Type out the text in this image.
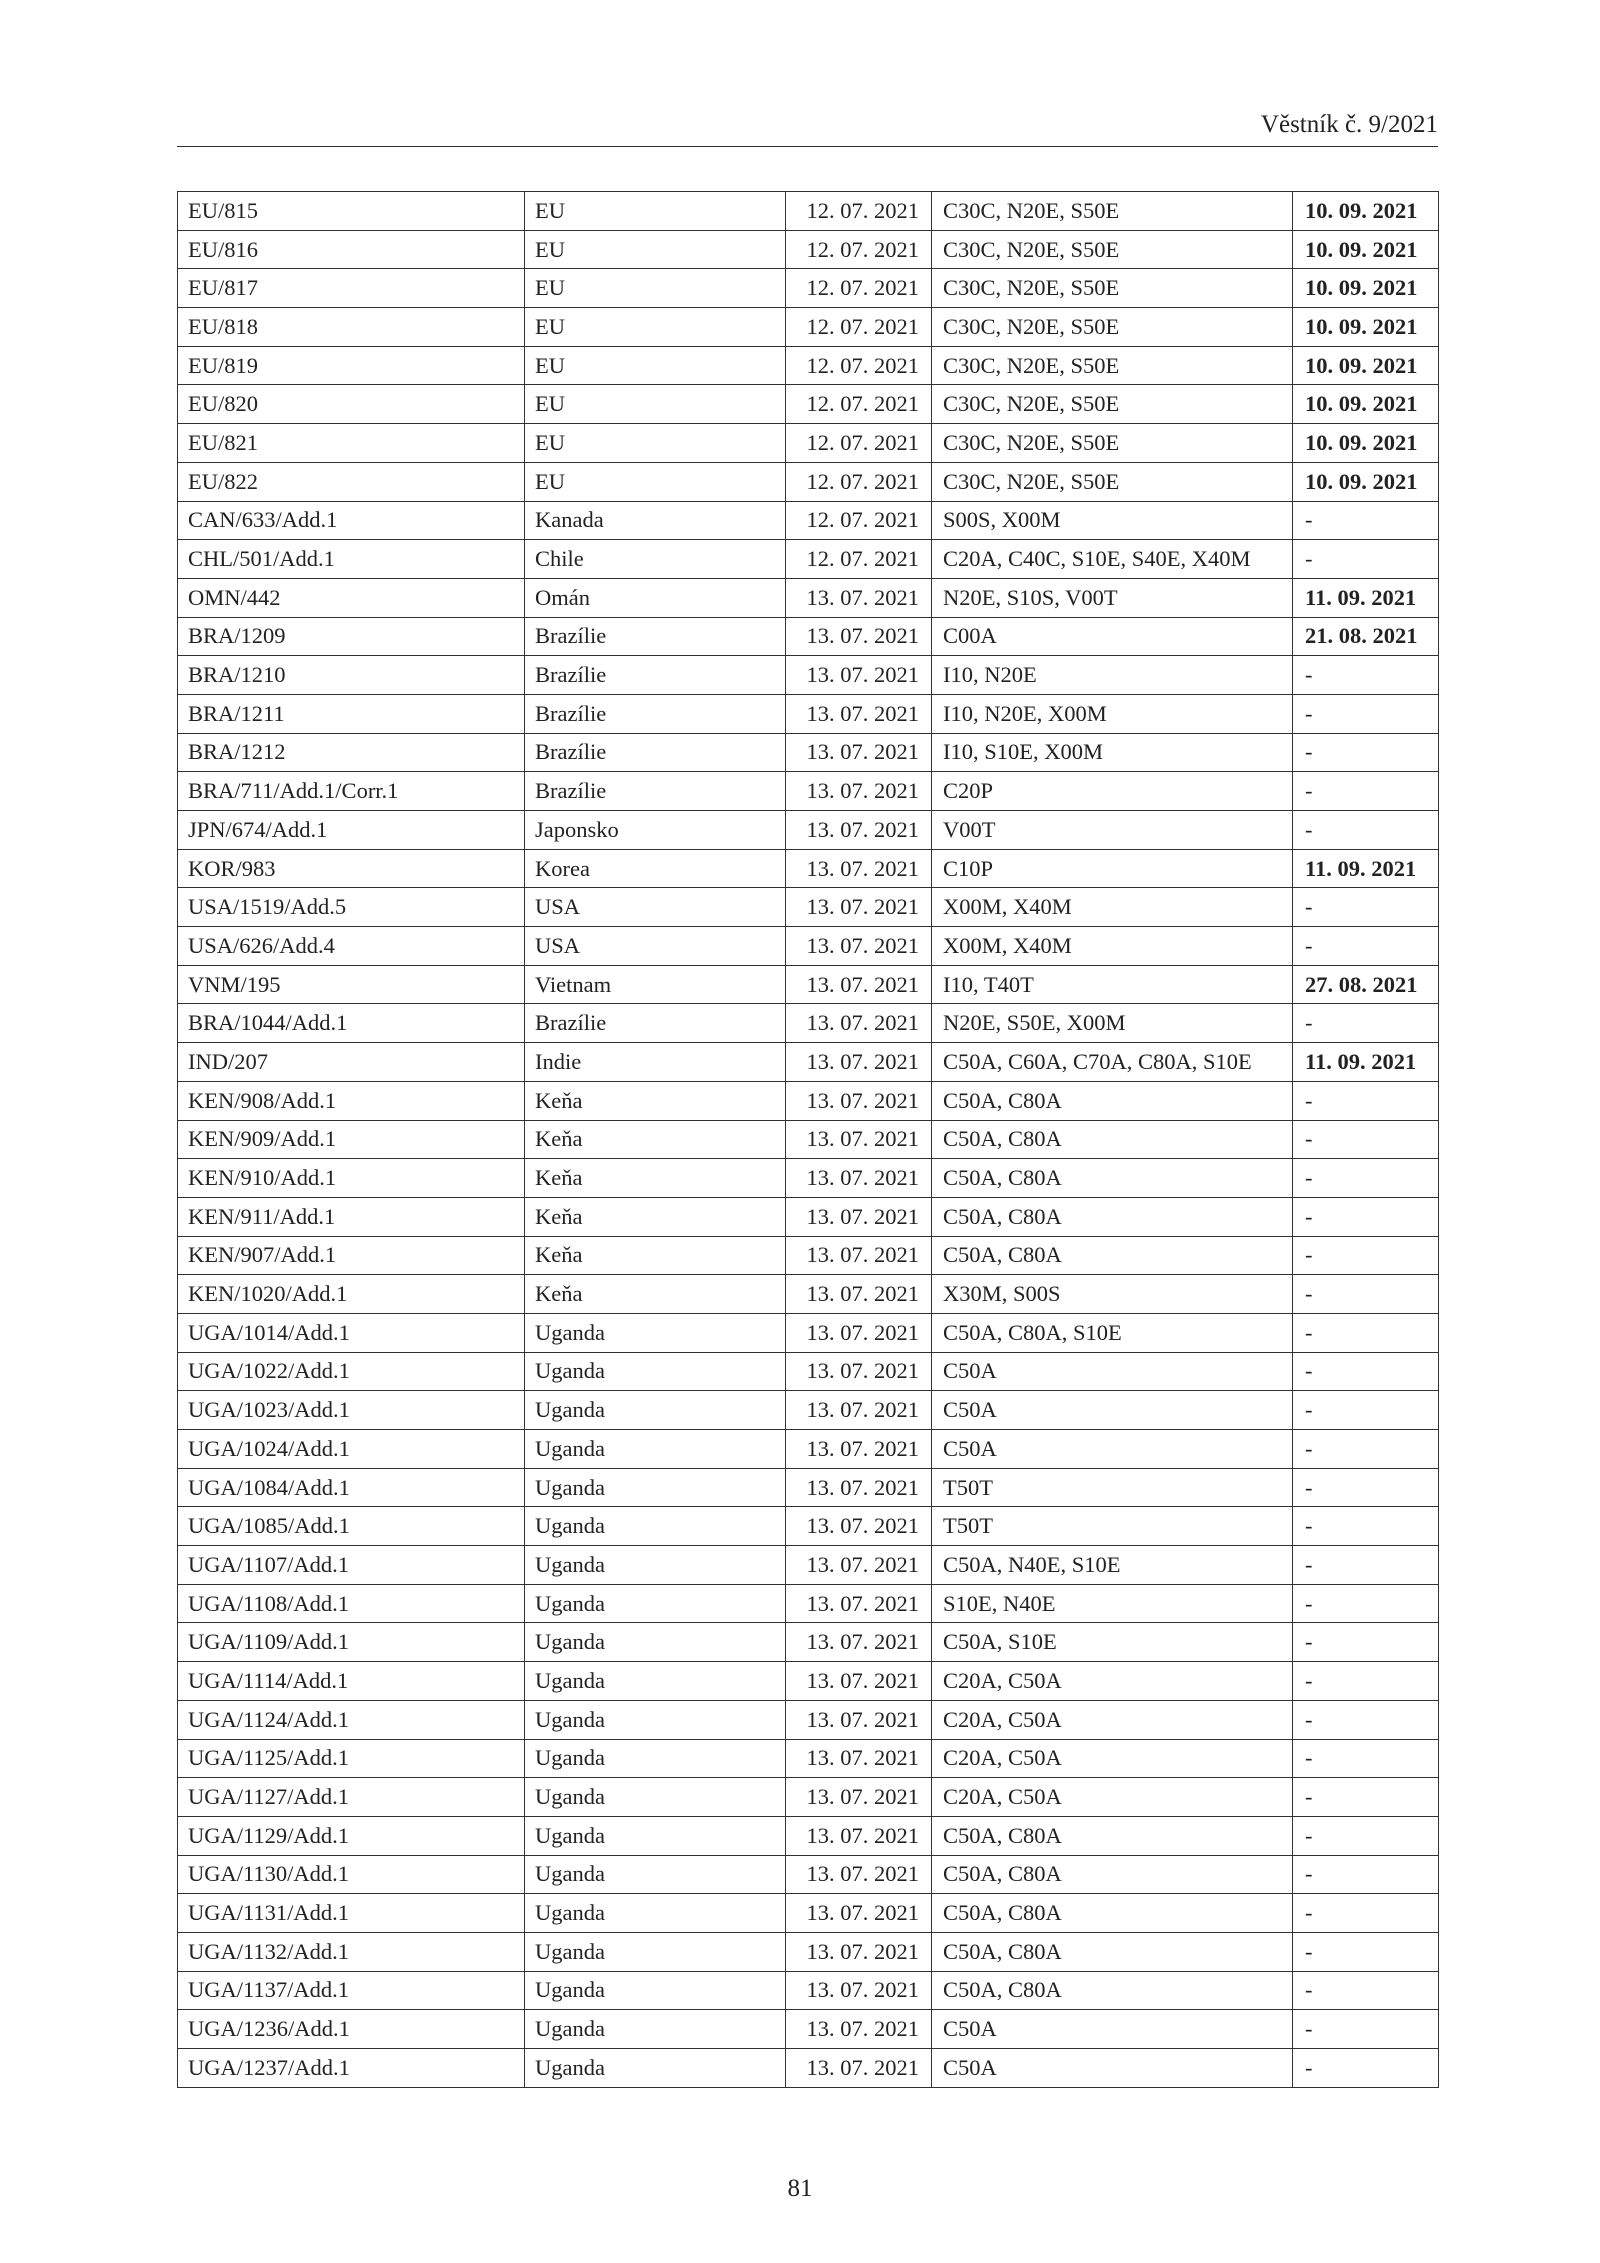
Věstník č. 9/2021
EU/815	EU	12. 07. 2021	C30C, N20E, S50E	10. 09. 2021
EU/816	EU	12. 07. 2021	C30C, N20E, S50E	10. 09. 2021
EU/817	EU	12. 07. 2021	C30C, N20E, S50E	10. 09. 2021
EU/818	EU	12. 07. 2021	C30C, N20E, S50E	10. 09. 2021
EU/819	EU	12. 07. 2021	C30C, N20E, S50E	10. 09. 2021
EU/820	EU	12. 07. 2021	C30C, N20E, S50E	10. 09. 2021
EU/821	EU	12. 07. 2021	C30C, N20E, S50E	10. 09. 2021
EU/822	EU	12. 07. 2021	C30C, N20E, S50E	10. 09. 2021
CAN/633/Add.1	Kanada	12. 07. 2021	S00S, X00M	-
CHL/501/Add.1	Chile	12. 07. 2021	C20A, C40C, S10E, S40E, X40M	-
OMN/442	Omán	13. 07. 2021	N20E, S10S, V00T	11. 09. 2021
BRA/1209	Brazílie	13. 07. 2021	C00A	21. 08. 2021
BRA/1210	Brazílie	13. 07. 2021	I10, N20E	-
BRA/1211	Brazílie	13. 07. 2021	I10, N20E, X00M	-
BRA/1212	Brazílie	13. 07. 2021	I10, S10E, X00M	-
BRA/711/Add.1/Corr.1	Brazílie	13. 07. 2021	C20P	-
JPN/674/Add.1	Japonsko	13. 07. 2021	V00T	-
KOR/983	Korea	13. 07. 2021	C10P	11. 09. 2021
USA/1519/Add.5	USA	13. 07. 2021	X00M, X40M	-
USA/626/Add.4	USA	13. 07. 2021	X00M, X40M	-
VNM/195	Vietnam	13. 07. 2021	I10, T40T	27. 08. 2021
BRA/1044/Add.1	Brazílie	13. 07. 2021	N20E, S50E, X00M	-
IND/207	Indie	13. 07. 2021	C50A, C60A, C70A, C80A, S10E	11. 09. 2021
KEN/908/Add.1	Keňa	13. 07. 2021	C50A, C80A	-
KEN/909/Add.1	Keňa	13. 07. 2021	C50A, C80A	-
KEN/910/Add.1	Keňa	13. 07. 2021	C50A, C80A	-
KEN/911/Add.1	Keňa	13. 07. 2021	C50A, C80A	-
KEN/907/Add.1	Keňa	13. 07. 2021	C50A, C80A	-
KEN/1020/Add.1	Keňa	13. 07. 2021	X30M, S00S	-
UGA/1014/Add.1	Uganda	13. 07. 2021	C50A, C80A, S10E	-
UGA/1022/Add.1	Uganda	13. 07. 2021	C50A	-
UGA/1023/Add.1	Uganda	13. 07. 2021	C50A	-
UGA/1024/Add.1	Uganda	13. 07. 2021	C50A	-
UGA/1084/Add.1	Uganda	13. 07. 2021	T50T	-
UGA/1085/Add.1	Uganda	13. 07. 2021	T50T	-
UGA/1107/Add.1	Uganda	13. 07. 2021	C50A, N40E, S10E	-
UGA/1108/Add.1	Uganda	13. 07. 2021	S10E, N40E	-
UGA/1109/Add.1	Uganda	13. 07. 2021	C50A, S10E	-
UGA/1114/Add.1	Uganda	13. 07. 2021	C20A, C50A	-
UGA/1124/Add.1	Uganda	13. 07. 2021	C20A, C50A	-
UGA/1125/Add.1	Uganda	13. 07. 2021	C20A, C50A	-
UGA/1127/Add.1	Uganda	13. 07. 2021	C20A, C50A	-
UGA/1129/Add.1	Uganda	13. 07. 2021	C50A, C80A	-
UGA/1130/Add.1	Uganda	13. 07. 2021	C50A, C80A	-
UGA/1131/Add.1	Uganda	13. 07. 2021	C50A, C80A	-
UGA/1132/Add.1	Uganda	13. 07. 2021	C50A, C80A	-
UGA/1137/Add.1	Uganda	13. 07. 2021	C50A, C80A	-
UGA/1236/Add.1	Uganda	13. 07. 2021	C50A	-
UGA/1237/Add.1	Uganda	13. 07. 2021	C50A	-
81
